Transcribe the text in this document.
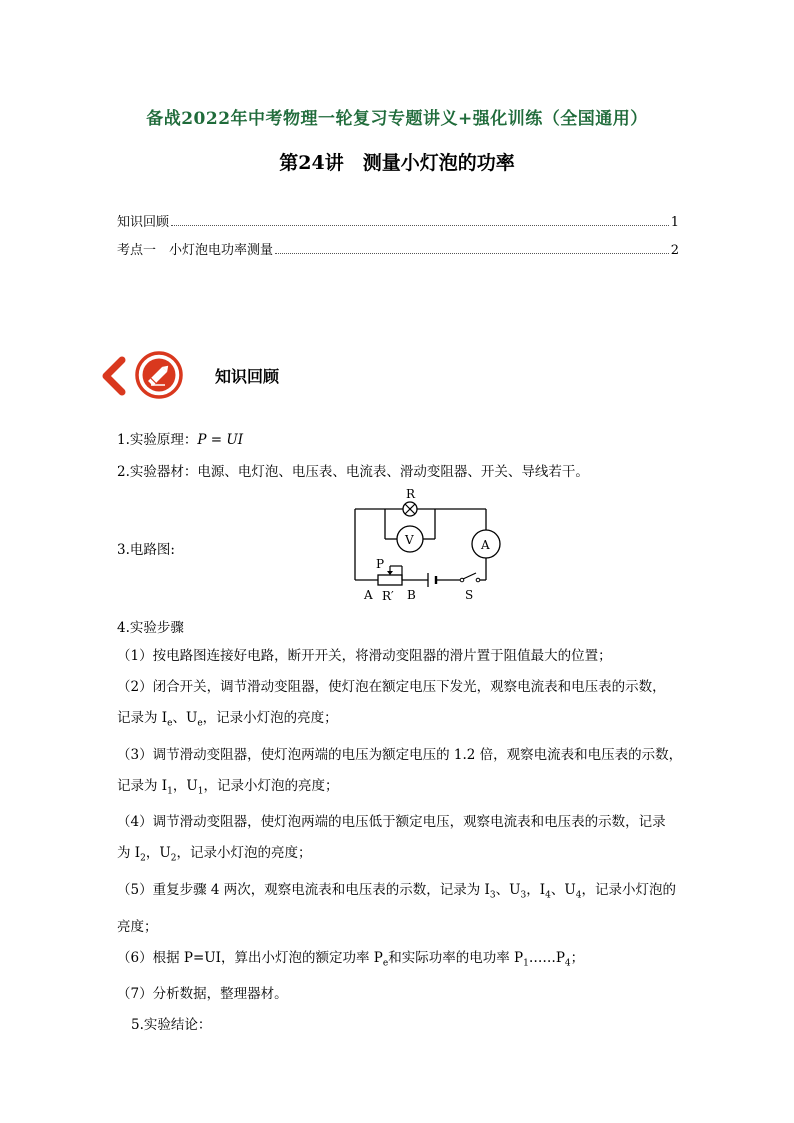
备战2022年中考物理一轮复习专题讲义+强化训练（全国通用）
第24讲　测量小灯泡的功率
知识回顾	1
考点一　小灯泡电功率测量	2
知识回顾
1.实验原理：P = UI
2.实验器材：电源、电灯泡、电压表、电流表、滑动变阻器、开关、导线若干。
3.电路图:
R
V	A
P
R′
A	B	S
4.实验步骤
（1）按电路图连接好电路，断开开关，将滑动变阻器的滑片置于阻值最大的位置；
（2）闭合开关，调节滑动变阻器，使灯泡在额定电压下发光，观察电流表和电压表的示数，
记录为 $I_e$、$U_e$，记录小灯泡的亮度；
（3）调节滑动变阻器，使灯泡两端的电压为额定电压的 1.2 倍，观察电流表和电压表的示数，
记录为 $I_1$，$U_1$，记录小灯泡的亮度；
（4）调节滑动变阻器，使灯泡两端的电压低于额定电压，观察电流表和电压表的示数，记录
为 $I_2$，$U_2$，记录小灯泡的亮度；
（5）重复步骤 4 两次，观察电流表和电压表的示数，记录为 $I_3$、$U_3$，$I_4$、$U_4$，记录小灯泡的
亮度；
（6）根据 P=UI，算出小灯泡的额定功率 $P_e$和实际功率的电功率 $P_1\dots\dots P_4$；
（7）分析数据，整理器材。
5.实验结论：
